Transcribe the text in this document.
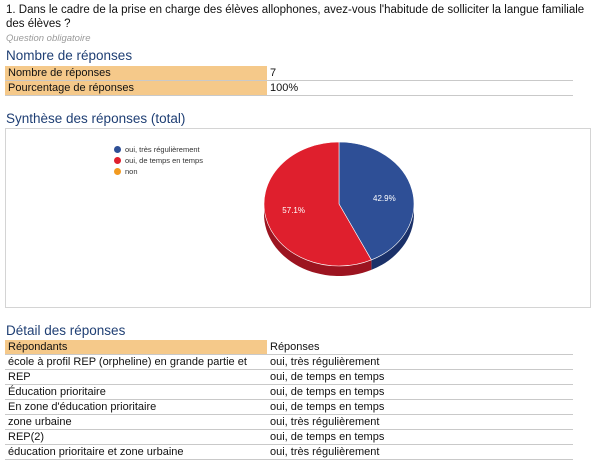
1. Dans le cadre de la prise en charge des élèves allophones, avez-vous l'habitude de solliciter la langue familiale des élèves ?
Question obligatoire
Nombre de réponses
Nombre de réponses	7
Pourcentage de réponses	100%
Synthèse des réponses (total)
42.9%
57.1%
oui, très régulièrement
oui, de temps en temps
non
Détail des réponses
Répondants	Réponses
école à profil REP (orpheline) en grande partie et	oui, très régulièrement
REP	oui, de temps en temps
Éducation prioritaire	oui, de temps en temps
En zone d'éducation prioritaire	oui, de temps en temps
zone urbaine	oui, très régulièrement
REP(2)	oui, de temps en temps
éducation prioritaire et zone urbaine	oui, très régulièrement
